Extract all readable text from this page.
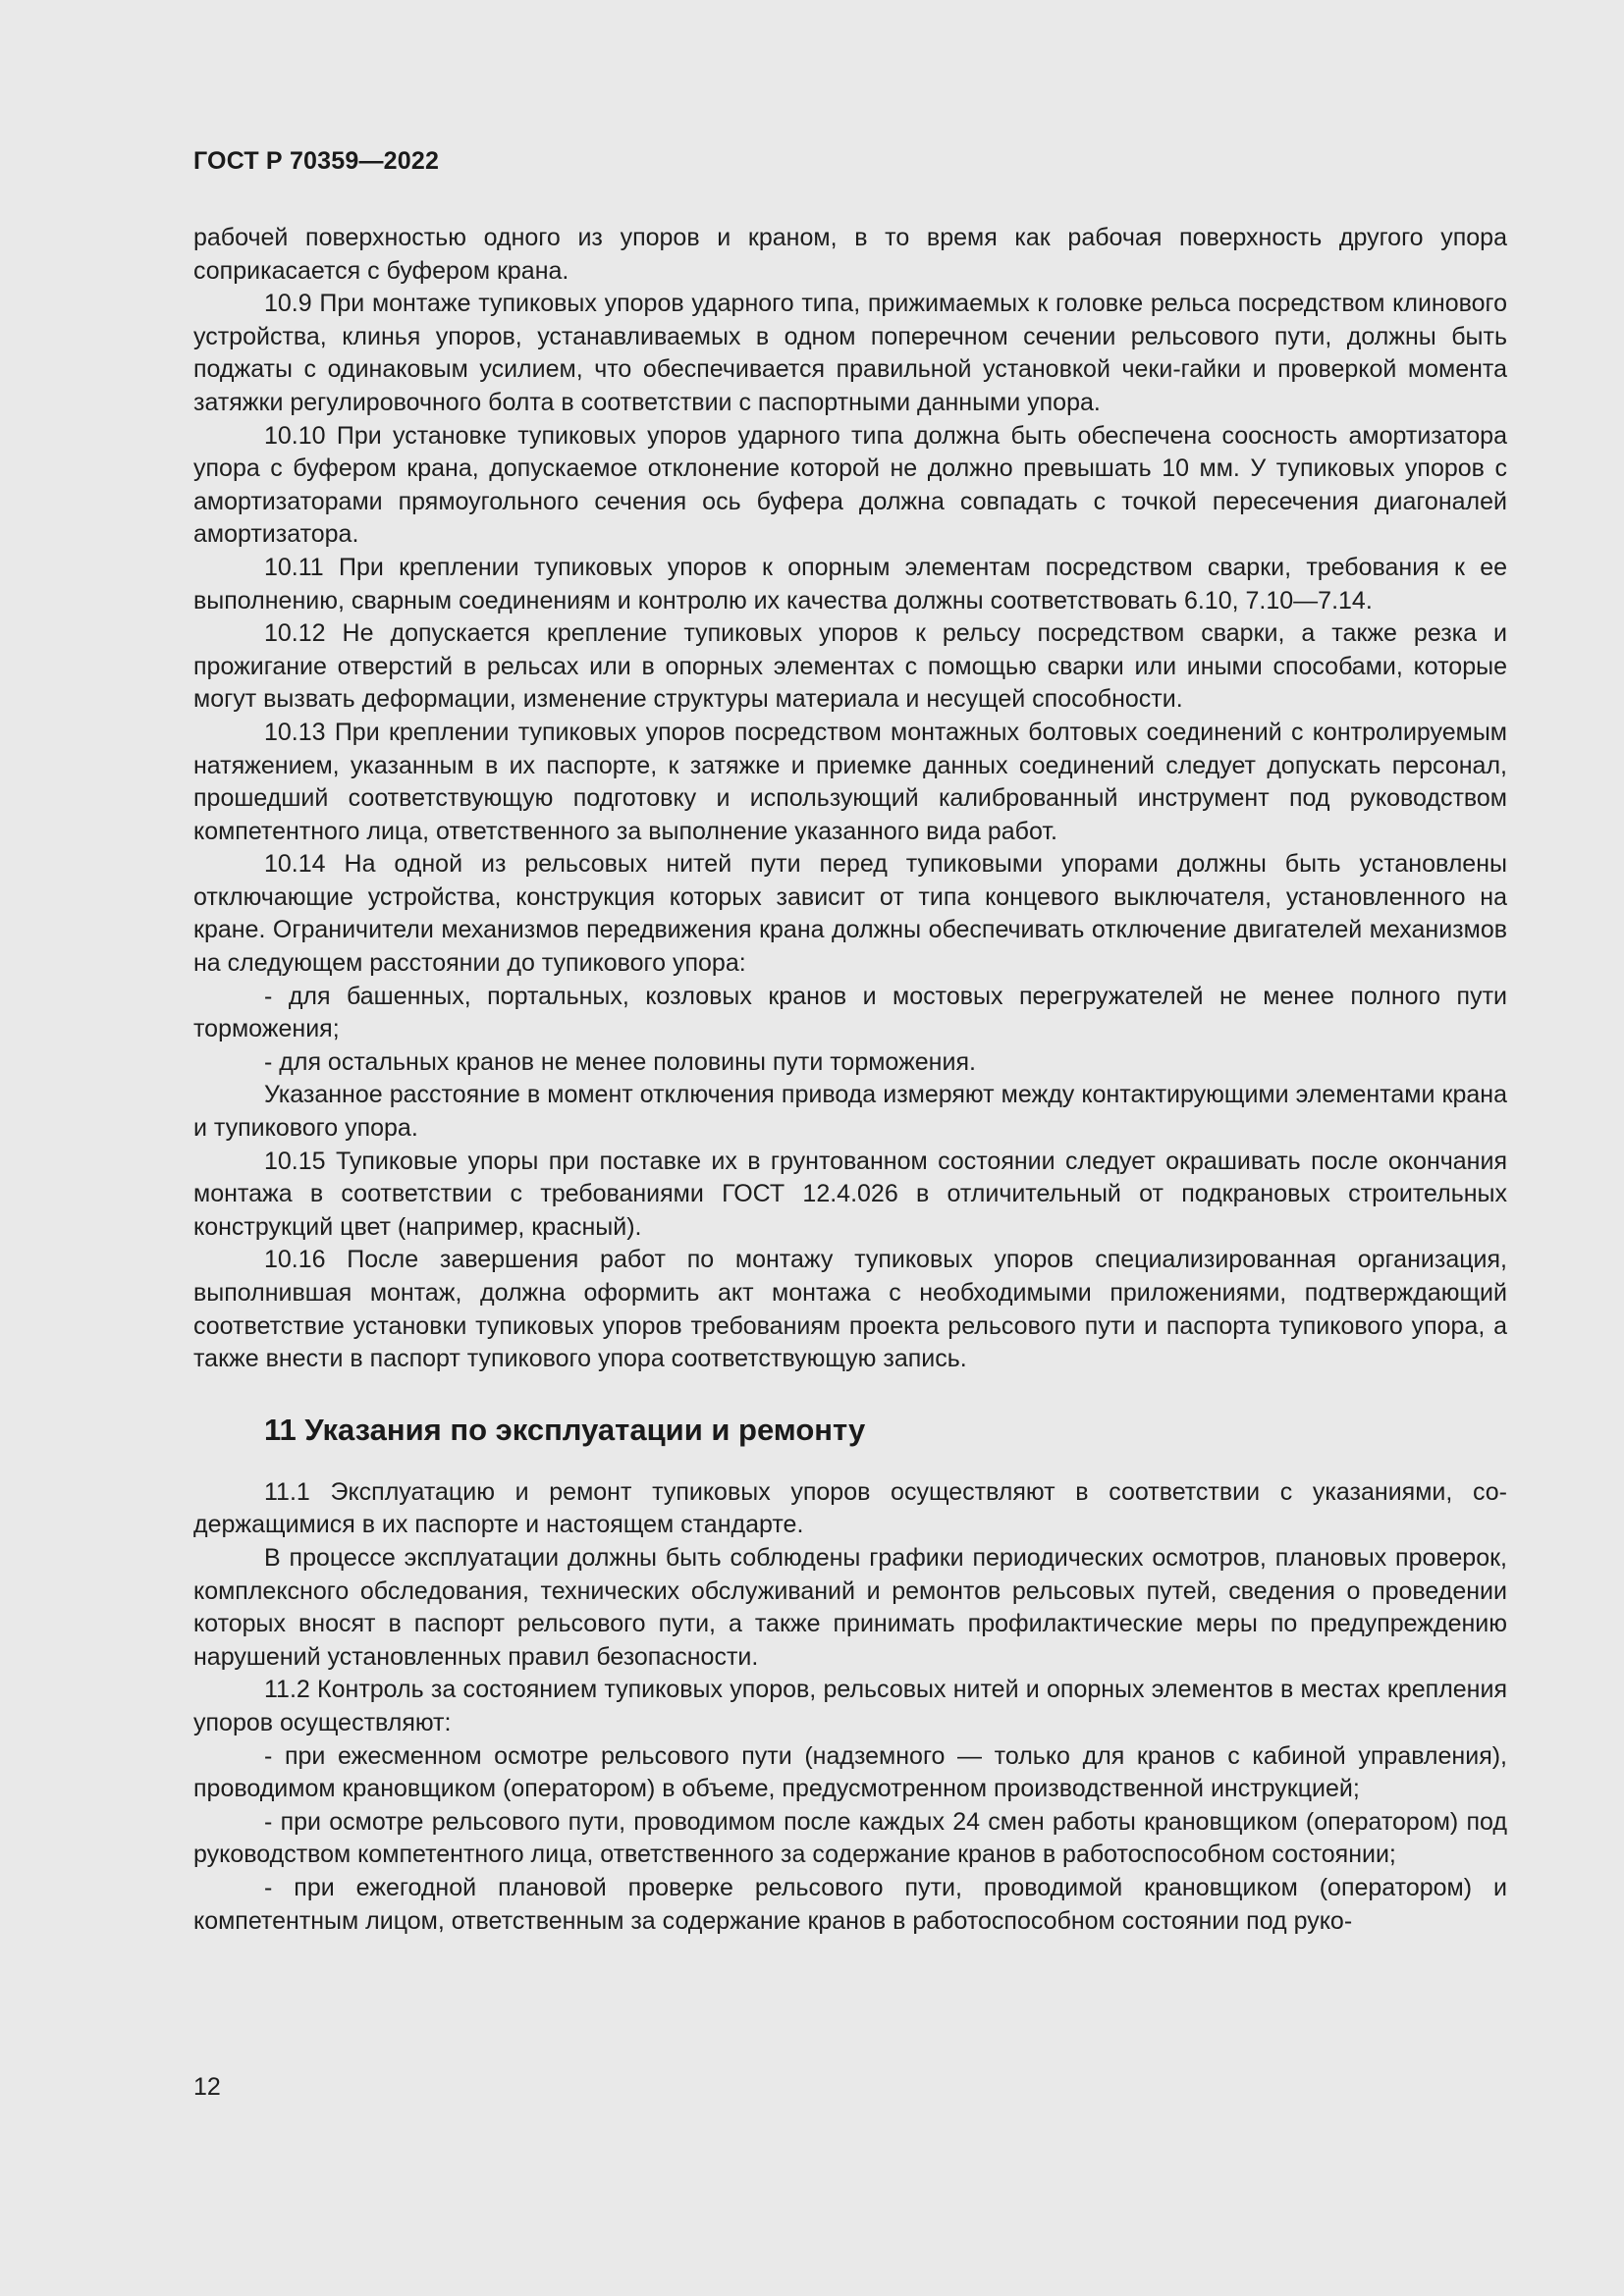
ГОСТ Р 70359—2022

рабочей поверхностью одного из упоров и краном, в то время как рабочая поверхность другого упора соприкасается с буфером крана.

10.9 При монтаже тупиковых упоров ударного типа, прижимаемых к головке рельса посредством клинового устройства, клинья упоров, устанавливаемых в одном поперечном сечении рельсового пути, должны быть поджаты с одинаковым усилием, что обеспечивается правильной установкой чеки-гайки и проверкой момента затяжки регулировочного болта в соответствии с паспортными данными упора.

10.10 При установке тупиковых упоров ударного типа должна быть обеспечена соосность амортизатора упора с буфером крана, допускаемое отклонение которой не должно превышать 10 мм. У тупиковых упоров с амортизаторами прямоугольного сечения ось буфера должна совпадать с точкой пересечения диагоналей амортизатора.

10.11 При креплении тупиковых упоров к опорным элементам посредством сварки, требования к ее выполнению, сварным соединениям и контролю их качества должны соответствовать 6.10, 7.10—7.14.

10.12 Не допускается крепление тупиковых упоров к рельсу посредством сварки, а также резка и прожигание отверстий в рельсах или в опорных элементах с помощью сварки или иными способами, которые могут вызвать деформации, изменение структуры материала и несущей способности.

10.13 При креплении тупиковых упоров посредством монтажных болтовых соединений с контролируемым натяжением, указанным в их паспорте, к затяжке и приемке данных соединений следует допускать персонал, прошедший соответствующую подготовку и использующий калиброванный инструмент под руководством компетентного лица, ответственного за выполнение указанного вида работ.

10.14 На одной из рельсовых нитей пути перед тупиковыми упорами должны быть установлены отключающие устройства, конструкция которых зависит от типа концевого выключателя, установленного на кране. Ограничители механизмов передвижения крана должны обеспечивать отключение двигателей механизмов на следующем расстоянии до тупикового упора:

- для башенных, портальных, козловых кранов и мостовых перегружателей не менее полного пути торможения;

- для остальных кранов не менее половины пути торможения.

Указанное расстояние в момент отключения привода измеряют между контактирующими элементами крана и тупикового упора.

10.15 Тупиковые упоры при поставке их в грунтованном состоянии следует окрашивать после окончания монтажа в соответствии с требованиями ГОСТ 12.4.026 в отличительный от подкрановых строительных конструкций цвет (например, красный).

10.16 После завершения работ по монтажу тупиковых упоров специализированная организация, выполнившая монтаж, должна оформить акт монтажа с необходимыми приложениями, подтверждающий соответствие установки тупиковых упоров требованиям проекта рельсового пути и паспорта тупикового упора, а также внести в паспорт тупикового упора соответствующую запись.

11 Указания по эксплуатации и ремонту

11.1 Эксплуатацию и ремонт тупиковых упоров осуществляют в соответствии с указаниями, содержащимися в их паспорте и настоящем стандарте.

В процессе эксплуатации должны быть соблюдены графики периодических осмотров, плановых проверок, комплексного обследования, технических обслуживаний и ремонтов рельсовых путей, сведения о проведении которых вносят в паспорт рельсового пути, а также принимать профилактические меры по предупреждению нарушений установленных правил безопасности.

11.2 Контроль за состоянием тупиковых упоров, рельсовых нитей и опорных элементов в местах крепления упоров осуществляют:

- при ежесменном осмотре рельсового пути (надземного — только для кранов с кабиной управления), проводимом крановщиком (оператором) в объеме, предусмотренном производственной инструкцией;

- при осмотре рельсового пути, проводимом после каждых 24 смен работы крановщиком (оператором) под руководством компетентного лица, ответственного за содержание кранов в работоспособном состоянии;

- при ежегодной плановой проверке рельсового пути, проводимой крановщиком (оператором) и компетентным лицом, ответственным за содержание кранов в работоспособном состоянии под руко-

12
